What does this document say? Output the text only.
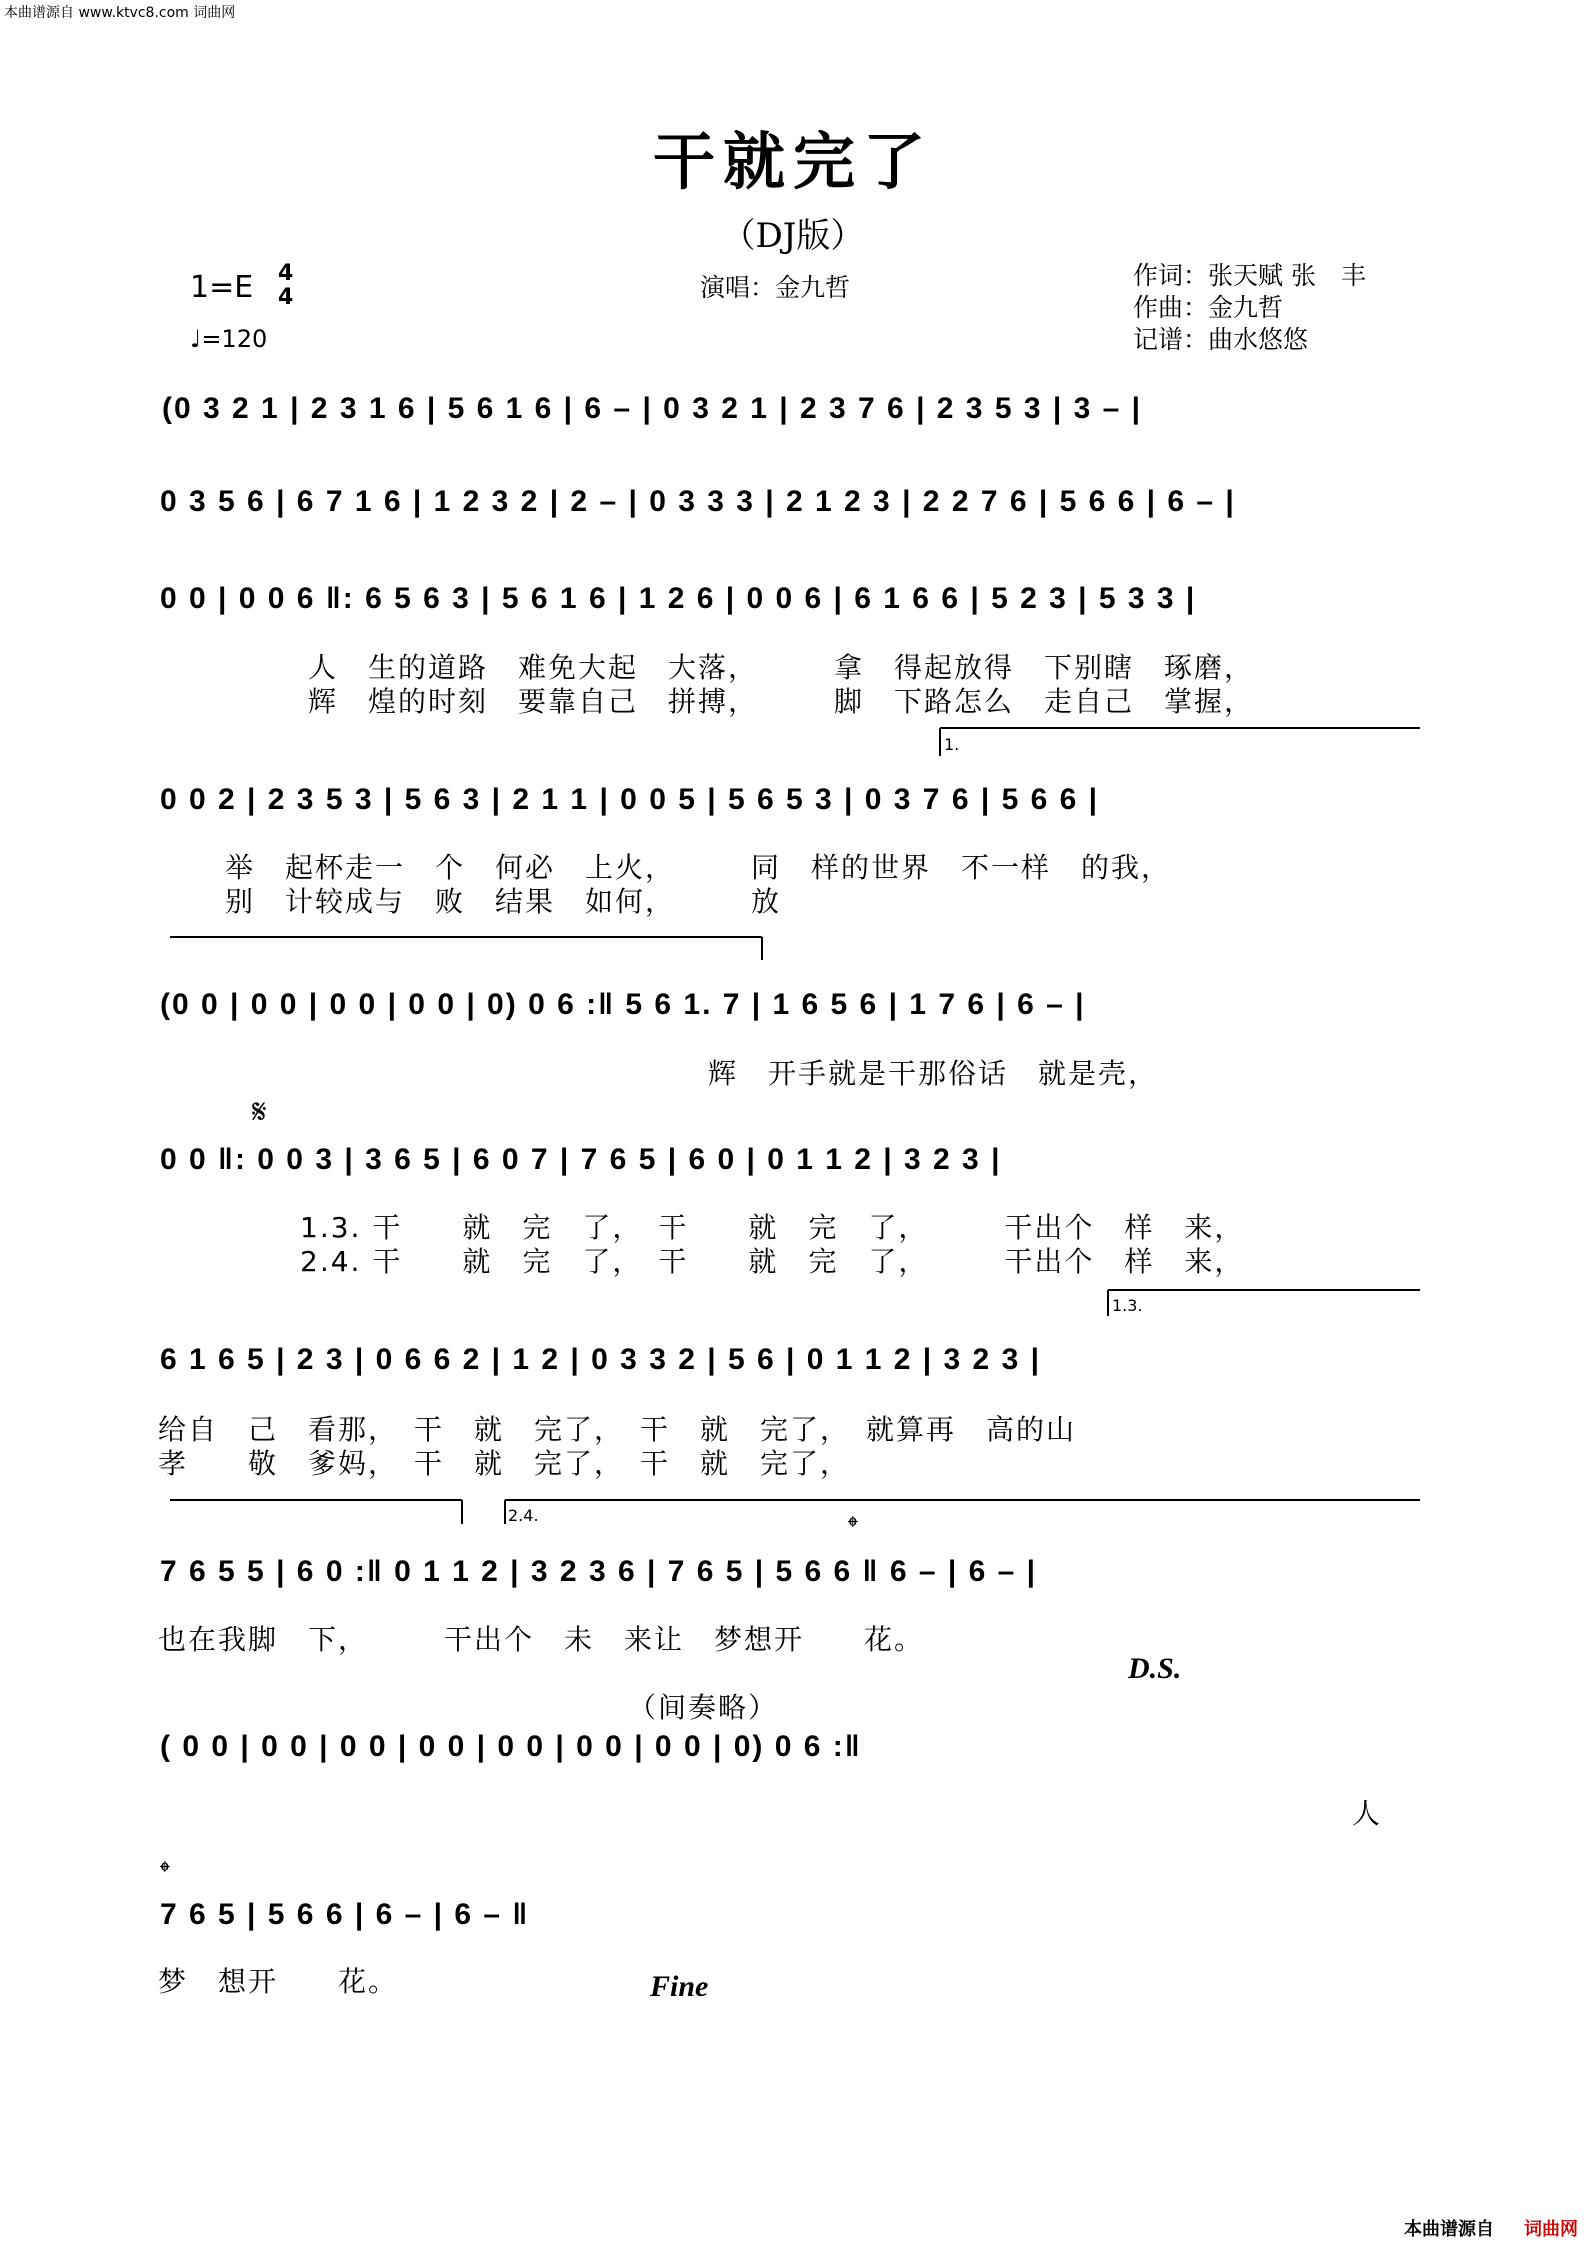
本曲谱源自 www.ktvc8.com 词曲网
干就完了
（DJ版）
1=E 4
4
♩=120
演唱：金九哲	作词：张天赋 张　丰
作曲：金九哲
记谱：曲水悠悠
(0 3 2 1 | 2 3 1 6 | 5 6 1 6 | 6 – | 0 3 2 1 | 2 3 7 6 | 2 3 5 3 | 3 – |
0 3 5 6 | 6 7 1 6 | 1 2 3 2 | 2 – | 0 3 3 3 | 2 1 2 3 | 2 2 7 6 | 5 6 6 | 6 – |
0 0 | 0 0 6 ‖: 6 5 6 3 | 5 6 1 6 | 1 2 6 | 0 0 6 | 6 1 6 6 | 5 2 3 | 5 3 3 |
人　生的道路　难免大起　大落，　　　拿　得起放得　下别瞎　琢磨，
辉　煌的时刻　要靠自己　拼搏，　　　脚　下路怎么　走自己　掌握，
1.
0 0 2 | 2 3 5 3 | 5 6 3 | 2 1 1 | 0 0 5 | 5 6 5 3 | 0 3 7 6 | 5 6 6 |
举　起杯走一　个　何必　上火，　　　同　样的世界　不一样　的我，
别　计较成与　败　结果　如何，　　　放
(0 0 | 0 0 | 0 0 | 0 0 | 0) 0 6 :‖ 5 6 1. 7 | 1 6 5 6 | 1 7 6 | 6 – |
辉　开手就是干那俗话　就是壳，
𝄋
0 0 ‖: 0 0 3 | 3 6 5 | 6 0 7 | 7 6 5 | 6 0 | 0 1 1 2 | 3 2 3 |
1.3. 干　　就　完　了，　干　　就　完　了，　　　干出个　样　来，
2.4. 干　　就　完　了，　干　　就　完　了，　　　干出个　样　来，
1.3.
6 1 6 5 | 2 3 | 0 6 6 2 | 1 2 | 0 3 3 2 | 5 6 | 0 1 1 2 | 3 2 3 |
给自　己　看那，　干　就　完了，　干　就　完了，　就算再　高的山
孝　　敬　爹妈，　干　就　完了，　干　就　完了，
2.4.	𝄌
7 6 5 5 | 6 0 :‖ 0 1 1 2 | 3 2 3 6 | 7 6 5 | 5 6 6 ‖ 6 – | 6 – |
也在我脚　下，　　　干出个　未　来让　梦想开　　花。
D.S.
（间奏略）
( 0 0 | 0 0 | 0 0 | 0 0 | 0 0 | 0 0 | 0 0 | 0) 0 6 :‖
人
𝄌
7 6 5 | 5 6 6 | 6 – | 6 – ‖
梦　想开　　花。	Fine
本曲谱源自 词曲网
